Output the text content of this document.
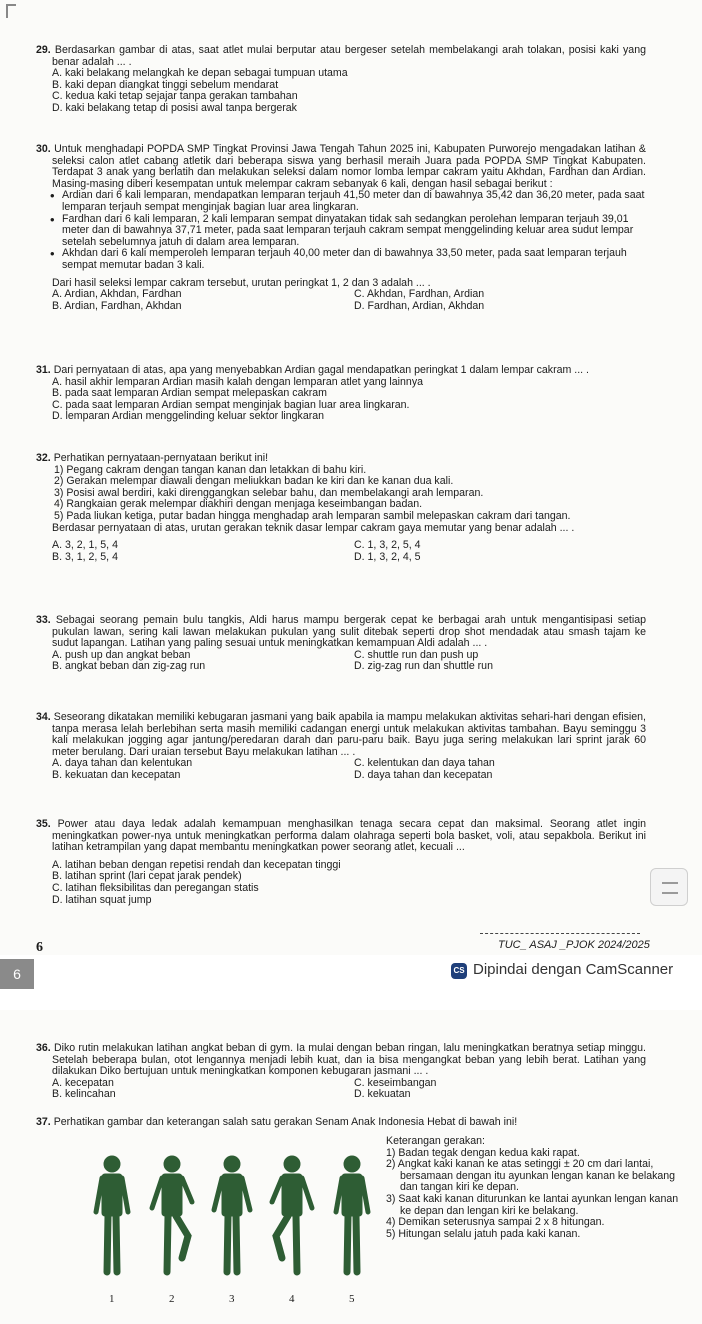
29. Berdasarkan gambar di atas, saat atlet mulai berputar atau bergeser setelah membelakangi arah tolakan, posisi kaki yang benar adalah ... .

A. kaki belakang melangkah ke depan sebagai tumpuan utama

B. kaki depan diangkat tinggi sebelum mendarat

C. kedua kaki tetap sejajar tanpa gerakan tambahan

D. kaki belakang tetap di posisi awal tanpa bergerak

30. Untuk menghadapi POPDA SMP Tingkat Provinsi Jawa Tengah Tahun 2025 ini, Kabupaten Purworejo mengadakan latihan & seleksi calon atlet cabang atletik dari beberapa siswa yang berhasil meraih Juara pada POPDA SMP Tingkat Kabupaten. Terdapat 3 anak yang berlatih dan melakukan seleksi dalam nomor lomba lempar cakram yaitu Akhdan, Fardhan dan Ardian. Masing-masing diberi kesempatan untuk melempar cakram sebanyak 6 kali, dengan hasil sebagai berikut :

• Ardian dari 6 kali lemparan, mendapatkan lemparan terjauh 41,50 meter dan di bawahnya 35,42 dan 36,20 meter, pada saat lemparan terjauh sempat menginjak bagian luar area lingkaran.
• Fardhan dari 6 kali lemparan, 2 kali lemparan sempat dinyatakan tidak sah sedangkan perolehan lemparan terjauh 39,01 meter dan di bawahnya 37,71 meter, pada saat lemparan terjauh cakram sempat menggelinding keluar area sudut lempar setelah sebelumnya jatuh di dalam area lemparan.
• Akhdan dari 6 kali memperoleh lemparan terjauh 40,00 meter dan di bawahnya 33,50 meter, pada saat lemparan terjauh sempat memutar badan 3 kali.

Dari hasil seleksi lempar cakram tersebut, urutan peringkat 1, 2 dan 3 adalah ... .

A. Ardian, Akhdan, Fardhan	C. Akhdan, Fardhan, Ardian
B. Ardian, Fardhan, Akhdan	D. Fardhan, Ardian, Akhdan

31. Dari pernyataan di atas, apa yang menyebabkan Ardian gagal mendapatkan peringkat 1 dalam lempar cakram ... .

A. hasil akhir lemparan Ardian masih kalah dengan lemparan atlet yang lainnya

B. pada saat lemparan Ardian sempat melepaskan cakram

C. pada saat lemparan Ardian sempat menginjak bagian luar area lingkaran.

D. lemparan Ardian menggelinding keluar sektor lingkaran

32. Perhatikan pernyataan-pernyataan berikut ini!

1) Pegang cakram dengan tangan kanan dan letakkan di bahu kiri.
2) Gerakan melempar diawali dengan meliukkan badan ke kiri dan ke kanan dua kali.
3) Posisi awal berdiri, kaki direnggangkan selebar bahu, dan membelakangi arah lemparan.
4) Rangkaian gerak melempar diakhiri dengan menjaga keseimbangan badan.
5) Pada liukan ketiga, putar badan hingga menghadap arah lemparan sambil melepaskan cakram dari tangan.

Berdasar pernyataan di atas, urutan gerakan teknik dasar lempar cakram gaya memutar yang benar adalah ... .

A. 3, 2, 1, 5, 4	C. 1, 3, 2, 5, 4
B. 3, 1, 2, 5, 4	D. 1, 3, 2, 4, 5

33. Sebagai seorang pemain bulu tangkis, Aldi harus mampu bergerak cepat ke berbagai arah untuk mengantisipasi setiap pukulan lawan, sering kali lawan melakukan pukulan yang sulit ditebak seperti drop shot mendadak atau smash tajam ke sudut lapangan. Latihan yang paling sesuai untuk meningkatkan kemampuan Aldi adalah ... .

A. push up dan angkat beban	C. shuttle run dan push up
B. angkat beban dan zig-zag run	D. zig-zag run dan shuttle run

34. Seseorang dikatakan memiliki kebugaran jasmani yang baik apabila ia mampu melakukan aktivitas sehari-hari dengan efisien, tanpa merasa lelah berlebihan serta masih memiliki cadangan energi untuk melakukan aktivitas tambahan. Bayu seminggu 3 kali melakukan jogging agar jantung/peredaran darah dan paru-paru baik. Bayu juga sering melakukan lari sprint jarak 60 meter berulang. Dari uraian tersebut Bayu melakukan latihan ... .

A. daya tahan dan kelentukan	C. kelentukan dan daya tahan
B. kekuatan dan kecepatan	D. daya tahan dan kecepatan

35. Power atau daya ledak adalah kemampuan menghasilkan tenaga secara cepat dan maksimal. Seorang atlet ingin meningkatkan power-nya untuk meningkatkan performa dalam olahraga seperti bola basket, voli, atau sepakbola. Berikut ini latihan ketrampilan yang dapat membantu meningkatkan power seorang atlet, kecuali ...

A. latihan beban dengan repetisi rendah dan kecepatan tinggi

B. latihan sprint (lari cepat jarak pendek)

C. latihan fleksibilitas dan peregangan statis

D. latihan squat jump

6	TUC_ ASAJ _PJOK 2024/2025
6	CS Dipindai dengan CamScanner

36. Diko rutin melakukan latihan angkat beban di gym. Ia mulai dengan beban ringan, lalu meningkatkan beratnya setiap minggu. Setelah beberapa bulan, otot lengannya menjadi lebih kuat, dan ia bisa mengangkat beban yang lebih berat. Latihan yang dilakukan Diko bertujuan untuk meningkatkan komponen kebugaran jasmani ... .

A. kecepatan	C. keseimbangan
B. kelincahan	D. kekuatan

37. Perhatikan gambar dan keterangan salah satu gerakan Senam Anak Indonesia Hebat di bawah ini!

1	2	3	4	5

Keterangan gerakan:

1) Badan tegak dengan kedua kaki rapat.
2) Angkat kaki kanan ke atas setinggi ± 20 cm dari lantai, bersamaan dengan itu ayunkan lengan kanan ke belakang dan tangan kiri ke depan.
3) Saat kaki kanan diturunkan ke lantai ayunkan lengan kanan ke depan dan lengan kiri ke belakang.
4) Demikan seterusnya sampai 2 x 8 hitungan.
5) Hitungan selalu jatuh pada kaki kanan.
